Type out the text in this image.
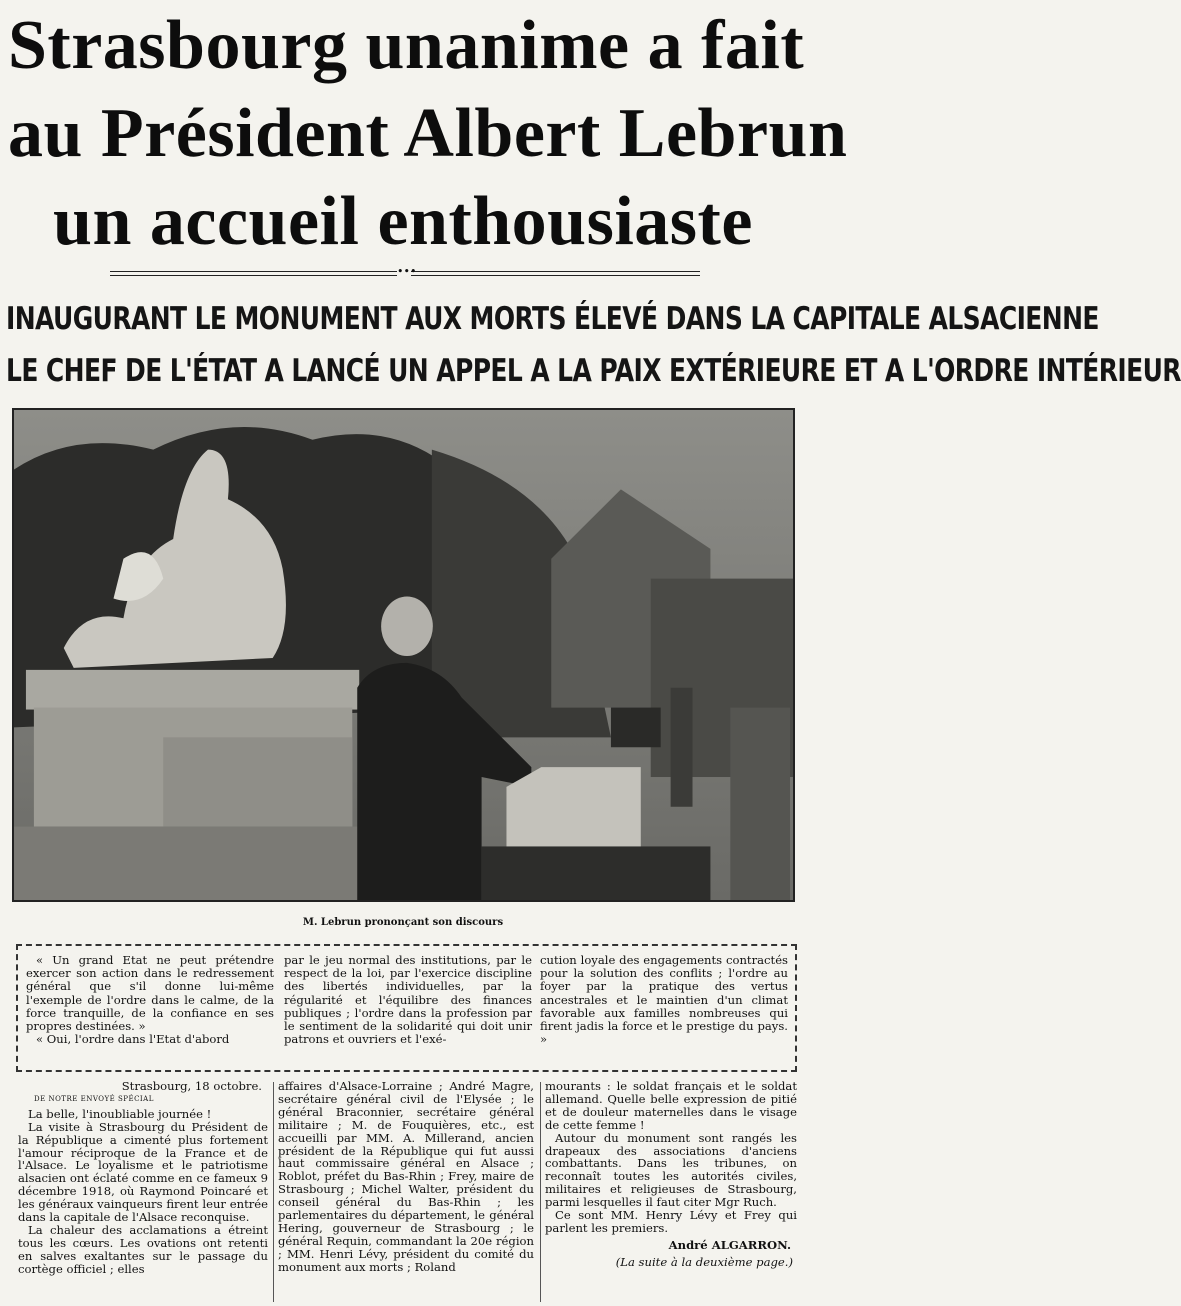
Strasbourg unanime a fait
au Président Albert Lebrun
un accueil enthousiaste
•••
INAUGURANT LE MONUMENT AUX MORTS ÉLEVÉ DANS LA CAPITALE ALSACIENNE
LE CHEF DE L'ÉTAT A LANCÉ UN APPEL A LA PAIX EXTÉRIEURE ET A L'ORDRE INTÉRIEUR
M. Lebrun prononçant son discours

« Un grand Etat ne peut prétendre exercer son action dans le redressement général que s'il donne lui-même l'exemple de l'ordre dans le calme, de la force tranquille, de la confiance en ses propres destinées. »

« Oui, l'ordre dans l'Etat d'abord

par le jeu normal des institutions, par le respect de la loi, par l'exercice discipline des libertés individuelles, par la régularité et l'équilibre des finances publiques ; l'ordre dans la profession par le sentiment de la solidarité qui doit unir patrons et ouvriers et l'exé-

cution loyale des engagements contractés pour la solution des conflits ; l'ordre au foyer par la pratique des vertus ancestrales et le maintien d'un climat favorable aux familles nombreuses qui firent jadis la force et le prestige du pays. »

Strasbourg, 18 octobre.
DE NOTRE ENVOYÉ SPÉCIAL

La belle, l'inoubliable journée !

La visite à Strasbourg du Président de la République a cimenté plus fortement l'amour réciproque de la France et de l'Alsace. Le loyalisme et le patriotisme alsacien ont éclaté comme en ce fameux 9 décembre 1918, où Raymond Poincaré et les généraux vainqueurs firent leur entrée dans la capitale de l'Alsace reconquise.

La chaleur des acclamations a étreint tous les cœurs. Les ovations ont retenti en salves exaltantes sur le passage du cortège officiel ; elles

affaires d'Alsace-Lorraine ; André Magre, secrétaire général civil de l'Elysée ; le général Braconnier, secrétaire général militaire ; M. de Fouquières, etc., est accueilli par MM. A. Millerand, ancien président de la République qui fut aussi haut commissaire général en Alsace ; Roblot, préfet du Bas-Rhin ; Frey, maire de Strasbourg ; Michel Walter, président du conseil général du Bas-Rhin ; les parlementaires du département, le général Hering, gouverneur de Strasbourg ; le général Requin, commandant la 20e région ; MM. Henri Lévy, président du comité du monument aux morts ; Roland

mourants : le soldat français et le soldat allemand. Quelle belle expression de pitié et de douleur maternelles dans le visage de cette femme !

Autour du monument sont rangés les drapeaux des associations d'anciens combattants. Dans les tribunes, on reconnaît toutes les autorités civiles, militaires et religieuses de Strasbourg, parmi lesquelles il faut citer Mgr Ruch.

Ce sont MM. Henry Lévy et Frey qui parlent les premiers.

André ALGARRON.
(La suite à la deuxième page.)
